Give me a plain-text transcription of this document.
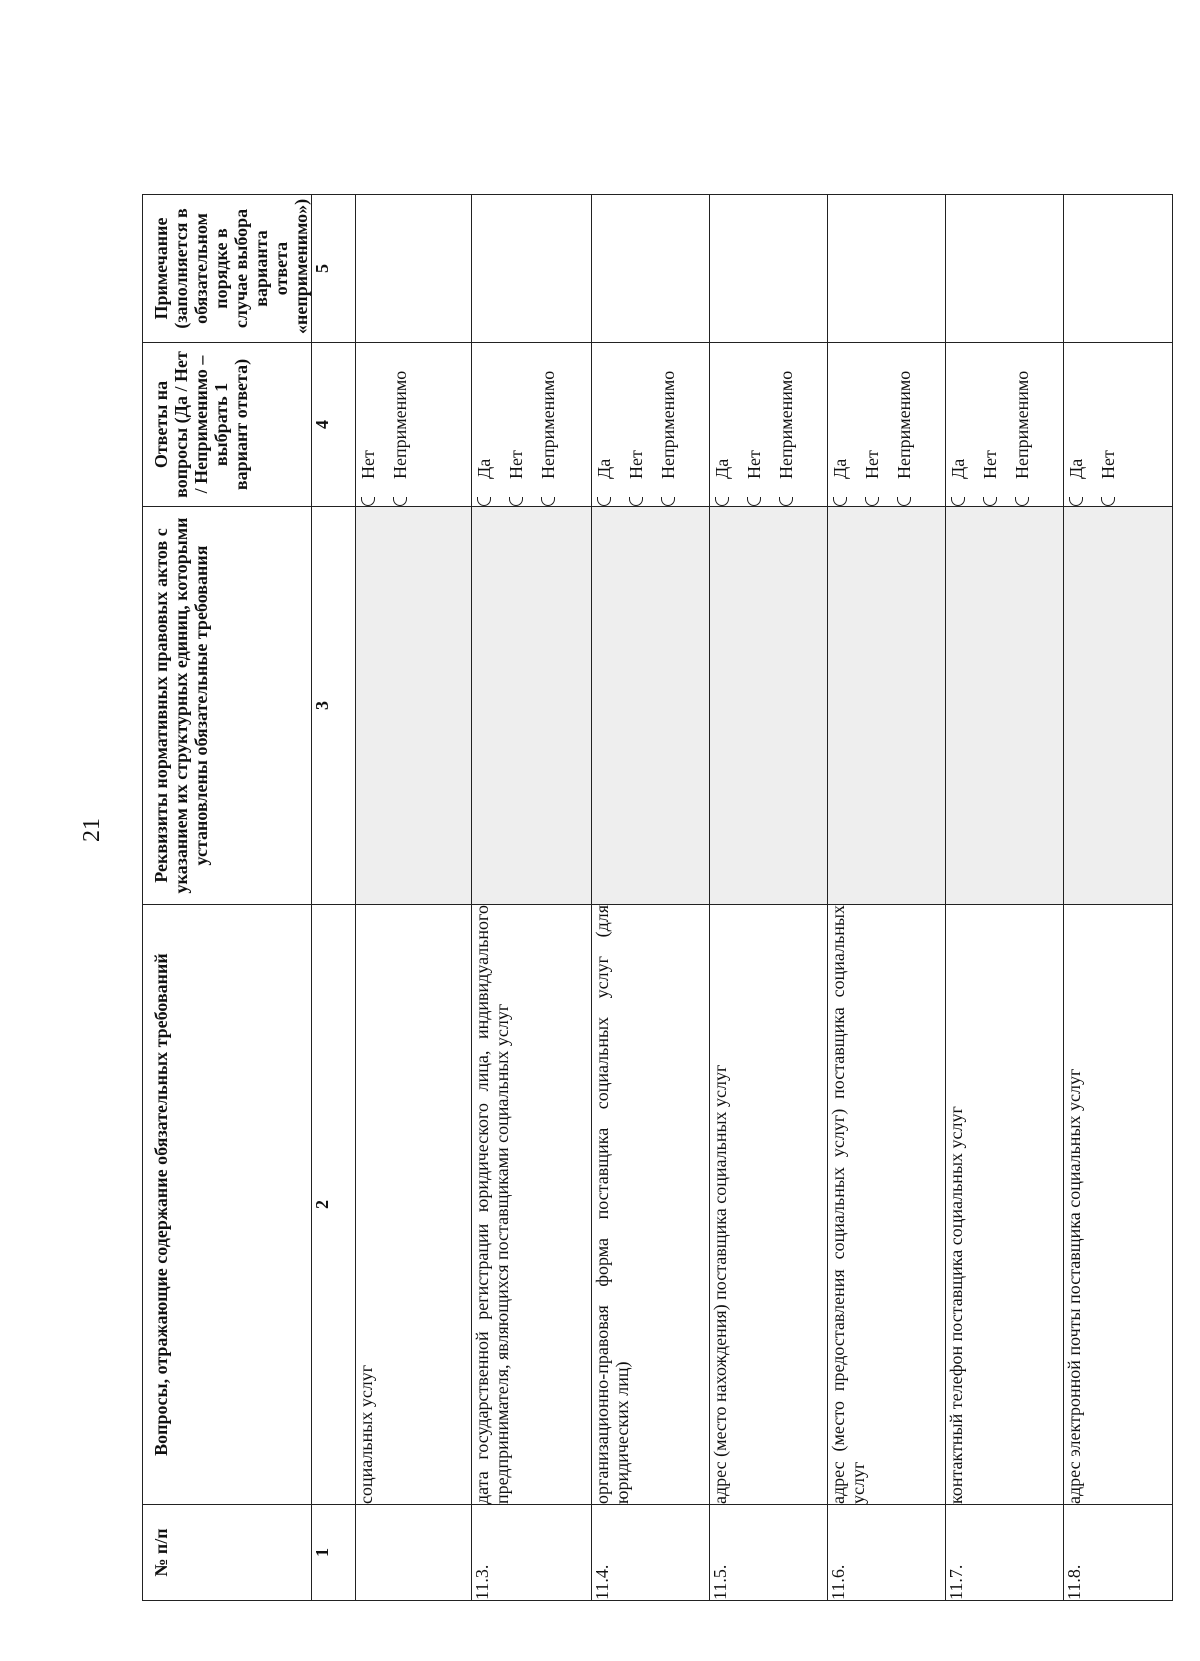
21
№ п/п	Вопросы, отражающие содержание обязательных требований	Реквизиты нормативных правовых актов с указанием их структурных единиц, которыми установлены обязательные требования	Ответы на вопросы (Да / Нет / Неприменимо – выбрать 1 вариант ответа)	Примечание (заполняется в обязательном порядке в случае выбора варианта ответа «неприменимо»)
1	2	3	4	5
	социальных услуг		Нет Неприменимо	

11.3.	дата государственной регистрации юридического лица, индивидуального предпринимателя, являющихся поставщиками социальных услуг		Да Нет Неприменимо	

11.4.	организационно-правовая форма поставщика социальных услуг (для юридических лиц)		Да Нет Неприменимо	

11.5.	адрес (место нахождения) поставщика социальных услуг		Да Нет Неприменимо	

11.6.	адрес (место предоставления социальных услуг) поставщика социальных услуг		Да Нет Неприменимо	

11.7.	контактный телефон поставщика социальных услуг		Да Нет Неприменимо	

11.8.	адрес электронной почты поставщика социальных услуг		Да Нет	
